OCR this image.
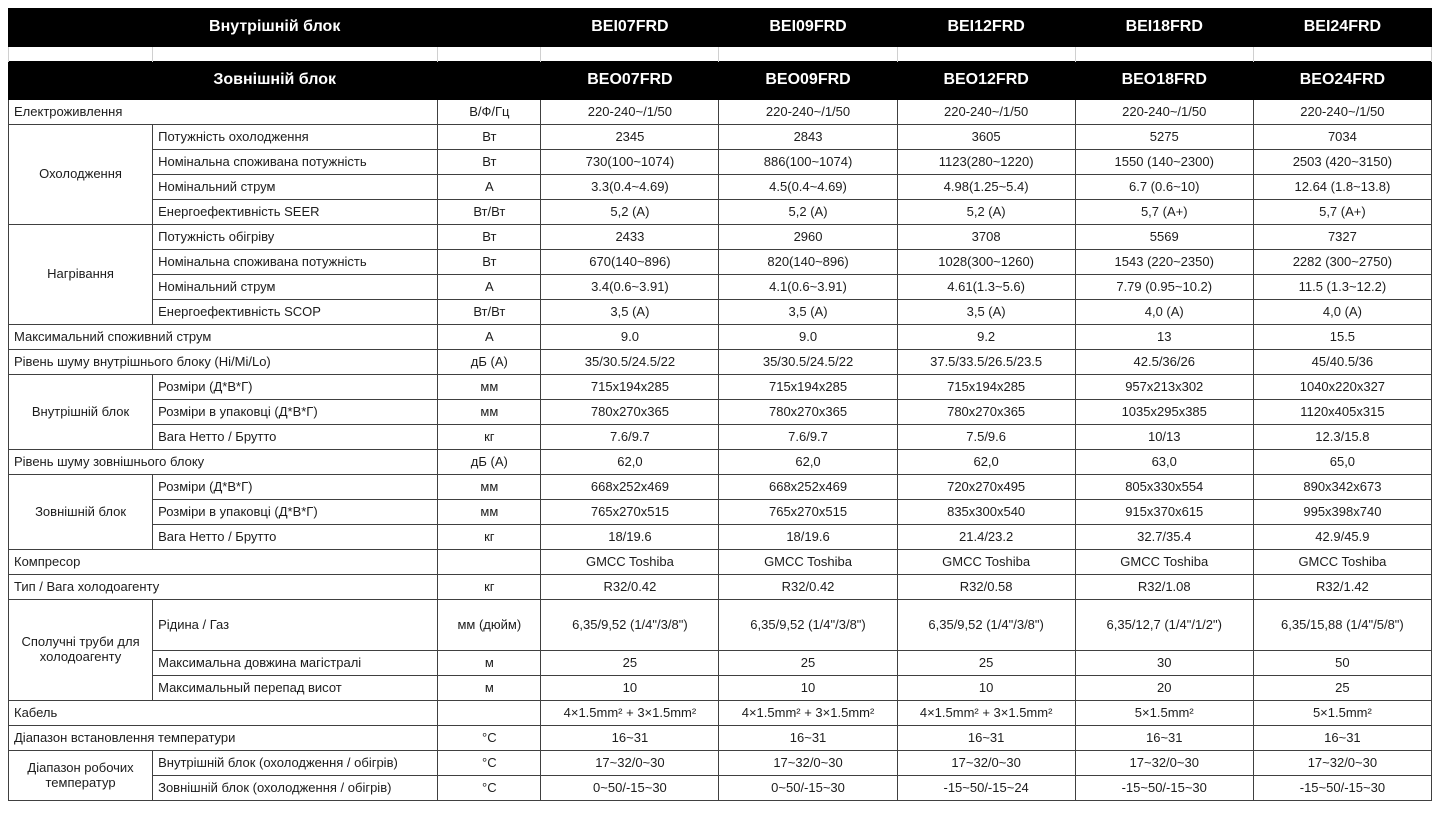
Внутрішній блок			BEI07FRD	BEI09FRD	BEI12FRD	BEI18FRD	BEI24FRD

Зовнішній блок			BEO07FRD	BEO09FRD	BEO12FRD	BEO18FRD	BEO24FRD
Електроживлення		В/Ф/Гц	220-240~/1/50	220-240~/1/50	220-240~/1/50	220-240~/1/50	220-240~/1/50
Охолодження	Потужність охолодження	Вт	2345	2843	3605	5275	7034
	Номінальна споживана потужність	Вт	730(100~1074)	886(100~1074)	1123(280~1220)	1550 (140~2300)	2503 (420~3150)
	Номінальний струм	А	3.3(0.4~4.69)	4.5(0.4~4.69)	4.98(1.25~5.4)	6.7 (0.6~10)	12.64 (1.8~13.8)
	Енергоефективність SEER	Вт/Вт	5,2 (A)	5,2 (A)	5,2 (A)	5,7 (A+)	5,7 (A+)
Нагрівання	Потужність обігріву	Вт	2433	2960	3708	5569	7327
	Номінальна споживана потужність	Вт	670(140~896)	820(140~896)	1028(300~1260)	1543 (220~2350)	2282 (300~2750)
	Номінальний струм	А	3.4(0.6~3.91)	4.1(0.6~3.91)	4.61(1.3~5.6)	7.79 (0.95~10.2)	11.5 (1.3~12.2)
	Енергоефективність SCOP	Вт/Вт	3,5 (A)	3,5 (A)	3,5 (A)	4,0 (A)	4,0 (A)
Максимальний споживний струм		А	9.0	9.0	9.2	13	15.5
Рівень шуму внутрішнього блоку (Hi/Mi/Lo)		дБ (А)	35/30.5/24.5/22	35/30.5/24.5/22	37.5/33.5/26.5/23.5	42.5/36/26	45/40.5/36
Внутрішній блок	Розміри (Д*В*Г)	мм	715x194x285	715x194x285	715x194x285	957x213x302	1040x220x327
	Розміри в упаковці (Д*В*Г)	мм	780x270x365	780x270x365	780x270x365	1035x295x385	1120x405x315
	Вага Нетто / Брутто	кг	7.6/9.7	7.6/9.7	7.5/9.6	10/13	12.3/15.8
Рівень шуму зовнішнього блоку		дБ (А)	62,0	62,0	62,0	63,0	65,0
Зовнішній блок	Розміри (Д*В*Г)	мм	668x252x469	668x252x469	720x270x495	805x330x554	890x342x673
	Розміри в упаковці (Д*В*Г)	мм	765x270x515	765x270x515	835x300x540	915x370x615	995x398x740
	Вага Нетто / Брутто	кг	18/19.6	18/19.6	21.4/23.2	32.7/35.4	42.9/45.9
Компресор			GMCC Toshiba	GMCC Toshiba	GMCC Toshiba	GMCC Toshiba	GMCC Toshiba
Тип / Вага холодоагенту		кг	R32/0.42	R32/0.42	R32/0.58	R32/1.08	R32/1.42
Сполучні труби для холодоагенту	Рідина / Газ	мм (дюйм)	6,35/9,52 (1/4"/3/8")	6,35/9,52 (1/4"/3/8")	6,35/9,52 (1/4"/3/8")	6,35/12,7 (1/4"/1/2")	6,35/15,88 (1/4"/5/8")
	Максимальна довжина магістралі	м	25	25	25	30	50
	Максимальный перепад висот	м	10	10	10	20	25
Кабель			4×1.5mm² + 3×1.5mm²	4×1.5mm² + 3×1.5mm²	4×1.5mm² + 3×1.5mm²	5×1.5mm²	5×1.5mm²
Діапазон встановлення температури		°C	16~31	16~31	16~31	16~31	16~31
Діапазон робочих температур	Внутрішній блок (охолодження / обігрів)	°C	17~32/0~30	17~32/0~30	17~32/0~30	17~32/0~30	17~32/0~30
	Зовнішній блок (охолодження / обігрів)	°C	0~50/-15~30	0~50/-15~30	-15~50/-15~24	-15~50/-15~30	-15~50/-15~30
